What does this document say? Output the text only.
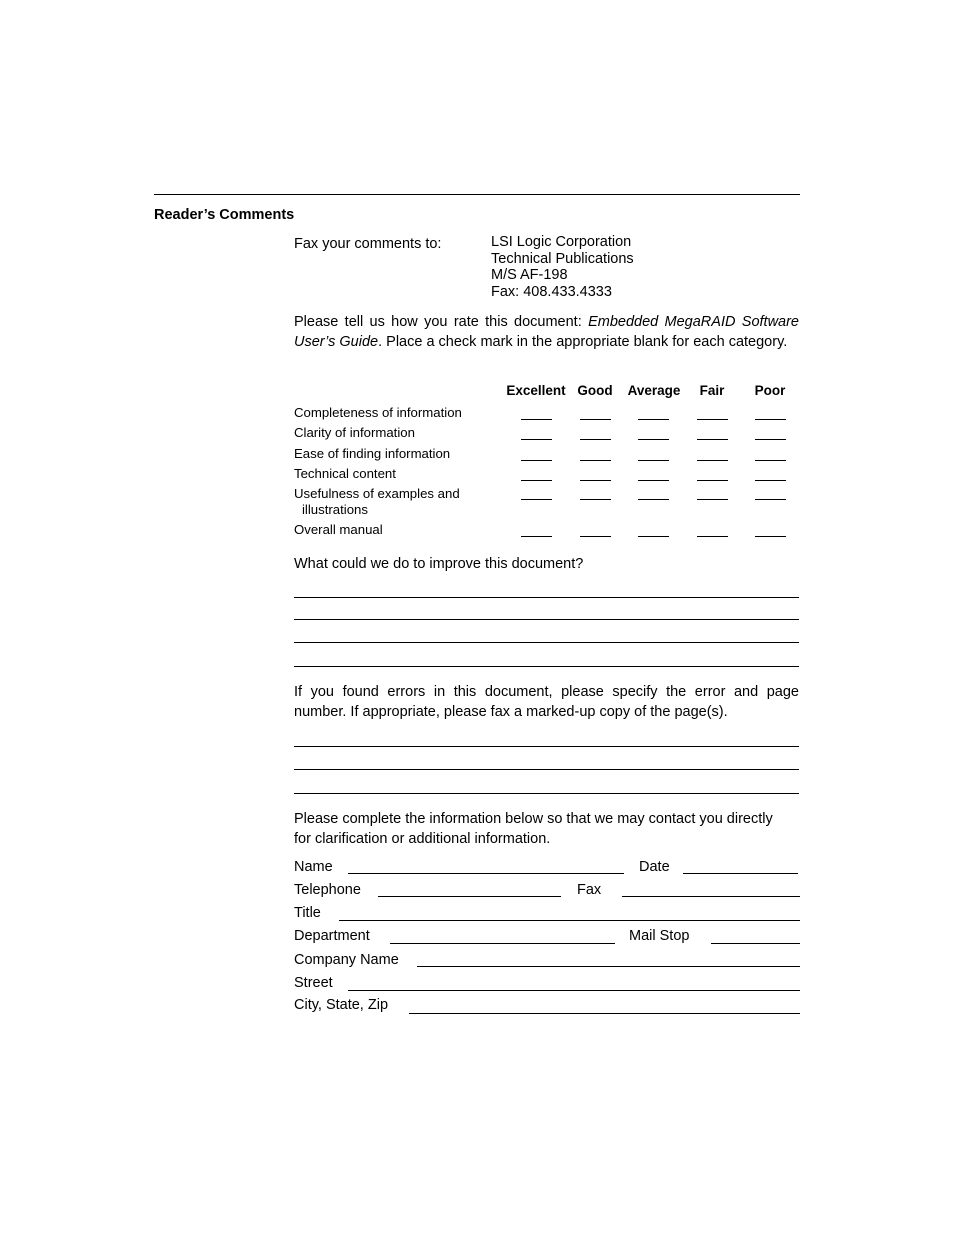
Reader’s Comments
Fax your comments to:	LSI Logic Corporation
Technical Publications
M/S AF-198
Fax: 408.433.4333
Please tell us how you rate this document: Embedded MegaRAID Software User’s Guide. Place a check mark in the appropriate blank for each category.
Excellent Good	Average	Fair	Poor
Completeness of information
Clarity of information
Ease of finding information
Technical content
Usefulness of examples and
illustrations
Overall manual
What could we do to improve this document?
If you found errors in this document, please specify the error and page number. If appropriate, please fax a marked-up copy of the page(s).
Please complete the information below so that we may contact you directly for clarification or additional information.
Name	Date
Telephone	Fax
Title
Department	Mail Stop
Company Name
Street
City, State, Zip
